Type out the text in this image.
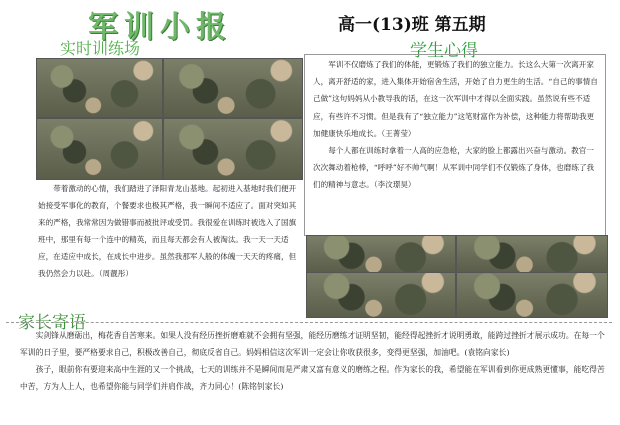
军训小报	高一(13)班 第五期
实时训练场	学生心得
带着激动的心情，我们踏进了泽阳青龙山基地。起初进入基地时我们便开始接受军事化的教育，个餐要求也极其严格，我一瞬间不适应了。面对突如其来的严格，我常常因为做错事而被批评或受罚。我很爱在训练时被选入了国旗班中，那里有每一个连中的精英，而且每天都会有人被淘汰。我一天一天适应，在适应中成长，在成长中进步。虽然我那军人般的体魄一天天的疼痛，但我仍然会力以赴。（周靓彤）

军训不仅磨炼了我们的体能，更锻炼了我们的独立能力。长这么大第一次离开家人，离开舒适的家，进入集体开始宿舍生活，开始了自力更生的生活。“自己的事情自己做”这句妈妈从小教导我的话，在这一次军训中才得以全面实践。虽然说有些不适应，有些许不习惯。但是我有了“独立能力”这笔财富作为补偿，这种能力将帮助我更加健康快乐地成长。（王菁莹）

每个人都在训练时拿着一人高的应急枪，大家的脸上都露出兴奋与激动。教官一次次舞动着枪棒，“呼呼”好不帅气啊！从军训中同学们不仅锻炼了身体，也磨练了我们的精神与意志。（李汶璟昊）

家长寄语

实剑锋从磨砺出，梅花香自苦寒来。如果人没有经历挫折磨难就不会拥有坚强，能经历磨练才证明坚韧，能经得起挫折才说明勇敢，能跨过挫折才展示成功。在每一个军训的日子里，要严格要求自己，积极改善自己，彻底反省自己。妈妈相信这次军训一定会让你收获很多，变得更坚强，加油吧。(袁铭向家长)

孩子，眼前你有要迎来高中生涯的又一个挑战，七天的训练并不是瞬间而是严肃又富有意义的磨练之程。作为家长的我，希望能在军训看到你更成熟更懂事，能吃得苦中苦，方为人上人，也希望你能与同学们并肩作战，齐力同心！(陈铭钊家长)
